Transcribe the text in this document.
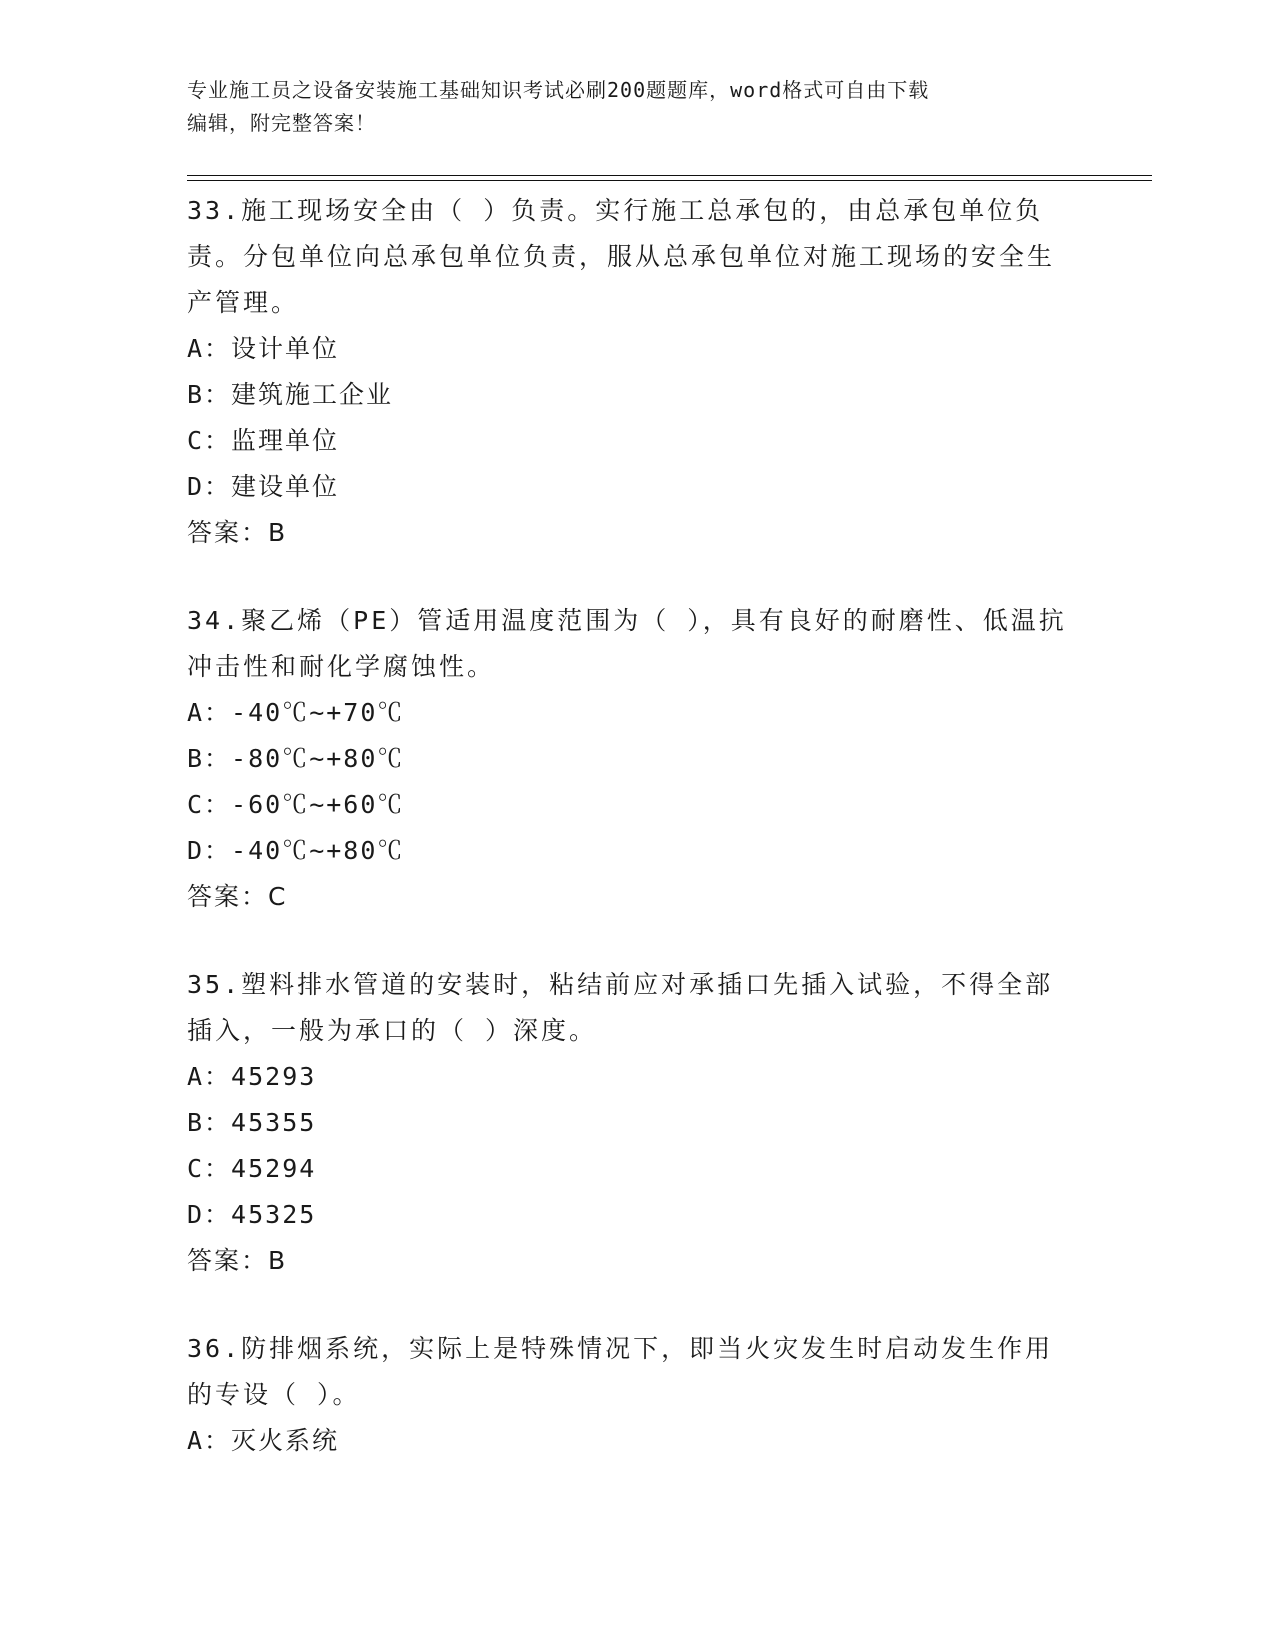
专业施工员之设备安装施工基础知识考试必刷200题题库，word格式可自由下载
编辑，附完整答案！

33.施工现场安全由（ ）负责。实行施工总承包的，由总承包单位负责。分包单位向总承包单位负责，服从总承包单位对施工现场的安全生产管理。

A：设计单位

B：建筑施工企业

C：监理单位

D：建设单位

答案：B

34.聚乙烯（PE）管适用温度范围为（ ），具有良好的耐磨性、低温抗冲击性和耐化学腐蚀性。

A：-40℃~+70℃

B：-80℃~+80℃

C：-60℃~+60℃

D：-40℃~+80℃

答案：C

35.塑料排水管道的安装时，粘结前应对承插口先插入试验，不得全部插入，一般为承口的（ ）深度。

A：45293

B：45355

C：45294

D：45325

答案：B

36.防排烟系统，实际上是特殊情况下，即当火灾发生时启动发生作用的专设（ ）。

A：灭火系统
